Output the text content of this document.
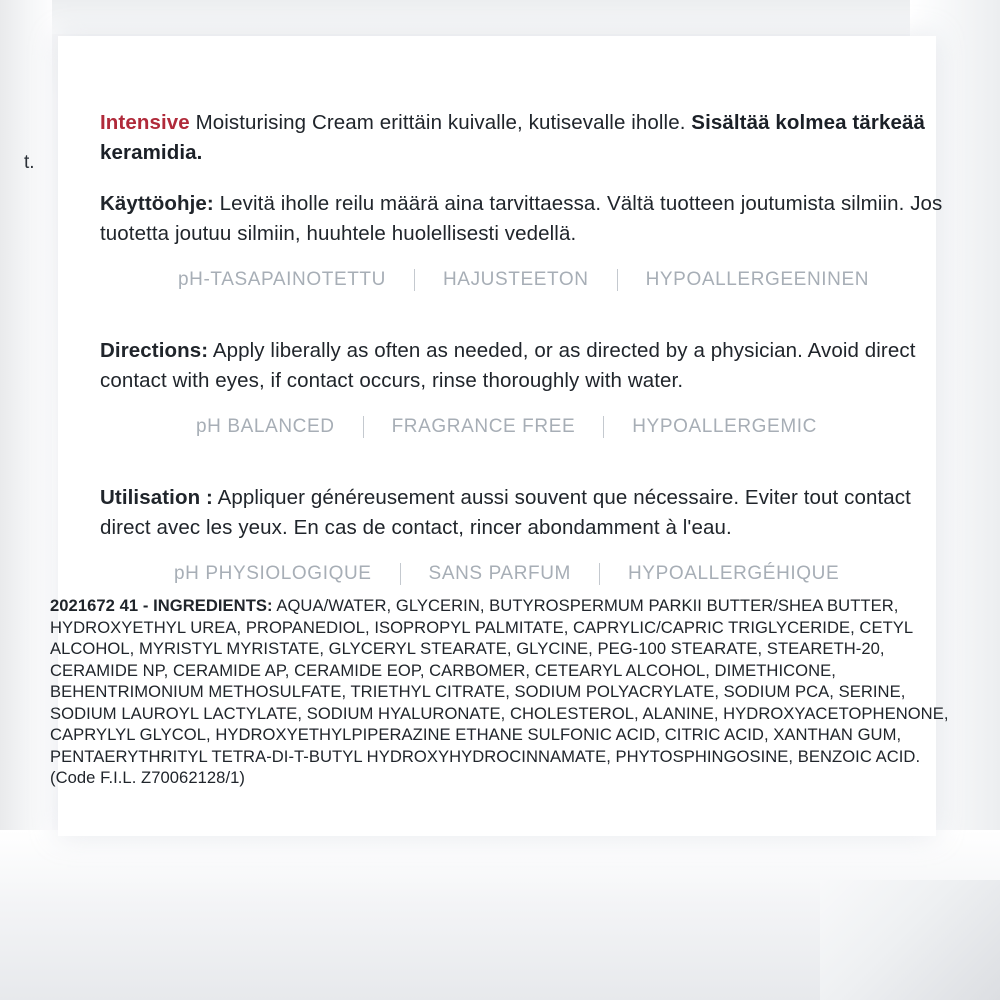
t.

Intensive Moisturising Cream erittäin kuivalle, kutisevalle iholle. Sisältää kolmea tärkeää keramidia.

Käyttöohje: Levitä iholle reilu määrä aina tarvittaessa. Vältä tuotteen joutumista silmiin. Jos tuotetta joutuu silmiin, huuhtele huolellisesti vedellä.

pH-TASAPAINOTETTU	HAJUSTEETON	HYPOALLERGEENINEN

Directions: Apply liberally as often as needed, or as directed by a physician. Avoid direct contact with eyes, if contact occurs, rinse thoroughly with water.

pH BALANCED	FRAGRANCE FREE	HYPOALLERGEMIC

Utilisation : Appliquer généreusement aussi souvent que nécessaire. Eviter tout contact direct avec les yeux. En cas de contact, rincer abondamment à l'eau.

pH PHYSIOLOGIQUE	SANS PARFUM	HYPOALLERGÉHIQUE
2021672 41 - INGREDIENTS: AQUA/WATER, GLYCERIN, BUTYROSPERMUM PARKII BUTTER/SHEA BUTTER, HYDROXYETHYL UREA, PROPANEDIOL, ISOPROPYL PALMITATE, CAPRYLIC/CAPRIC TRIGLYCERIDE, CETYL ALCOHOL, MYRISTYL MYRISTATE, GLYCERYL STEARATE, GLYCINE, PEG-100 STEARATE, STEARETH-20, CERAMIDE NP, CERAMIDE AP, CERAMIDE EOP, CARBOMER, CETEARYL ALCOHOL, DIMETHICONE, BEHENTRIMONIUM METHOSULFATE, TRIETHYL CITRATE, SODIUM POLYACRYLATE, SODIUM PCA, SERINE, SODIUM LAUROYL LACTYLATE, SODIUM HYALURONATE, CHOLESTEROL, ALANINE, HYDROXYACETOPHENONE, CAPRYLYL GLYCOL, HYDROXYETHYLPIPERAZINE ETHANE SULFONIC ACID, CITRIC ACID, XANTHAN GUM, PENTAERYTHRITYL TETRA-DI-T-BUTYL HYDROXYHYDROCINNAMATE, PHYTOSPHINGOSINE, BENZOIC ACID. (Code F.I.L. Z70062128/1)
